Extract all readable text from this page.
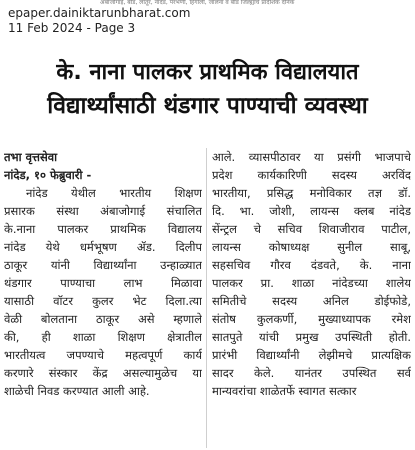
अंबाजोगाई, बीड, लातूर, नांदेड, परभणी, हिंगोली, जालना व बीड जिल्ह्यांचे प्रादेशिक दैनिक
epaper.dainiktarunbharat.com
11 Feb 2024 - Page 3
के. नाना पालकर प्राथमिक विद्यालयात
विद्यार्थ्यांसाठी थंडगार पाण्याची व्यवस्था
तभा वृत्तसेवा
नांदेड, १० फेब्रुवारी -
नांदेड येथील भारतीय शिक्षण
प्रसारक संस्था अंबाजोगाई संचालित
के.नाना पालकर प्राथमिक विद्यालय
नांदेड येथे धर्मभूषण ॲड. दिलीप
ठाकूर यांनी विद्यार्थ्यांना उन्हाळ्यात
थंडगार पाण्याचा लाभ मिळावा
यासाठी वॉटर कुलर भेट दिला.त्या
वेळी बोलताना ठाकूर असे म्हणाले
की, ही शाळा शिक्षण क्षेत्रातील
भारतीयत्व जपण्याचे महत्वपूर्ण कार्य
करणारे संस्कार केंद्र असल्यामुळेच या
शाळेची निवड करण्यात आली आहे.
आले. व्यासपीठावर या प्रसंगी भाजपाचे
प्रदेश कार्यकारिणी सदस्य अरविंद
भारतीया, प्रसिद्ध मनोविकार तज्ञ डॉ.
दि. भा. जोशी, लायन्स क्लब नांदेड
सेंन्ट्रल चे सचिव शिवाजीराव पाटील,
लायन्स कोषाध्यक्ष सुनील साबू,
सहसचिव गौरव दंडवते, के. नाना
पालकर प्रा. शाळा नांदेडच्या शालेय
समितीचे सदस्य अनिल डोईफोडे,
संतोष कुलकर्णी, मुख्याध्यापक रमेश
सातपुते यांची प्रमुख उपस्थिती होती.
प्रारंभी विद्यार्थ्यांनी लेझीमचे प्रात्यक्षिक
सादर केले. यानंतर उपस्थित सर्व
मान्यवरांचा शाळेतर्फे स्वागत सत्कार
